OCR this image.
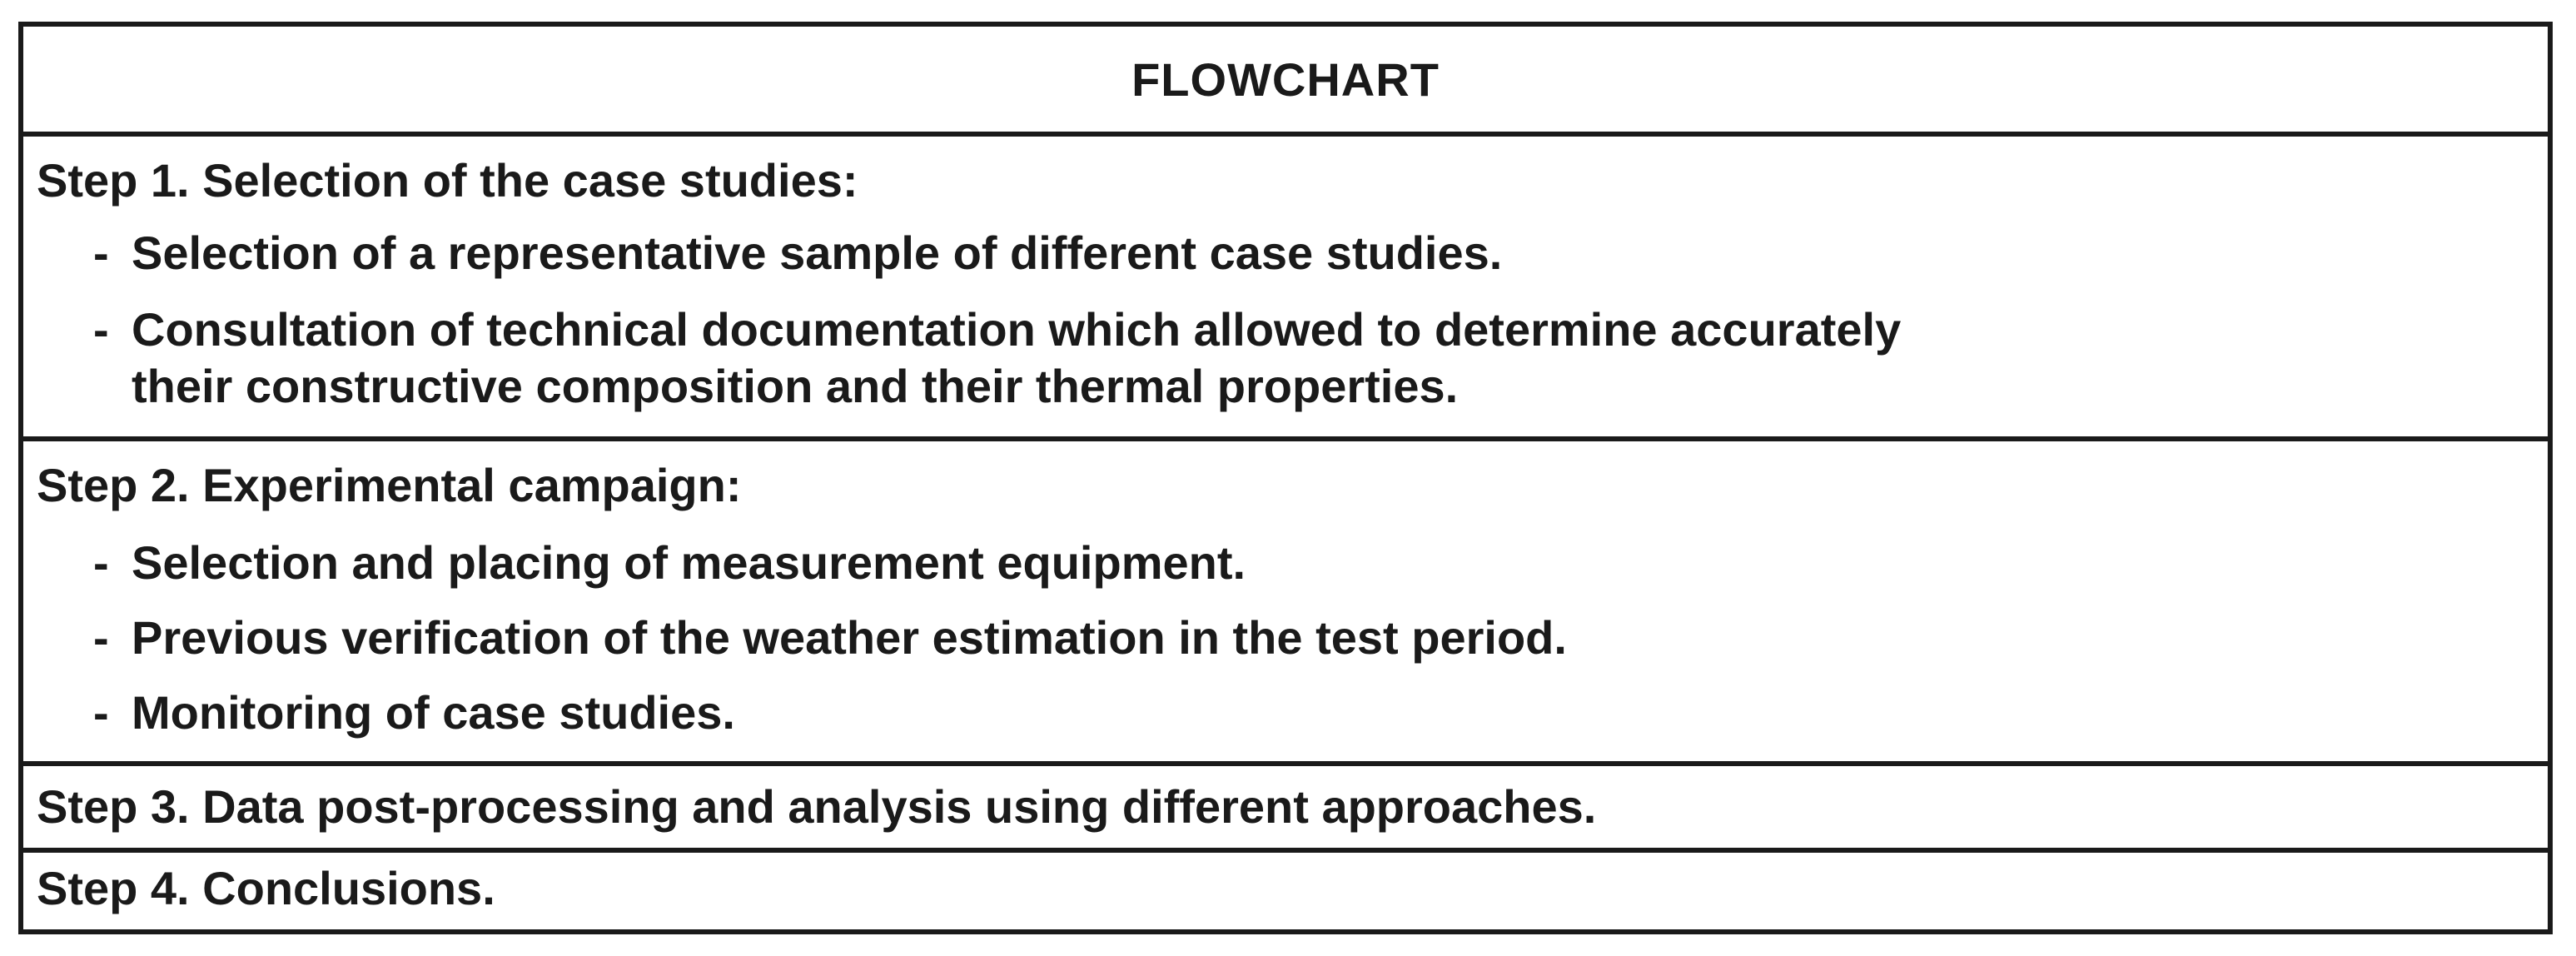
FLOWCHART
Step 1. Selection of the case studies:
- Selection of a representative sample of different case studies.
- Consultation of technical documentation which allowed to determine accurately
their constructive composition and their thermal properties.
Step 2. Experimental campaign:
- Selection and placing of measurement equipment.
- Previous verification of the weather estimation in the test period.
- Monitoring of case studies.
Step 3. Data post-processing and analysis using different approaches.
Step 4. Conclusions.
